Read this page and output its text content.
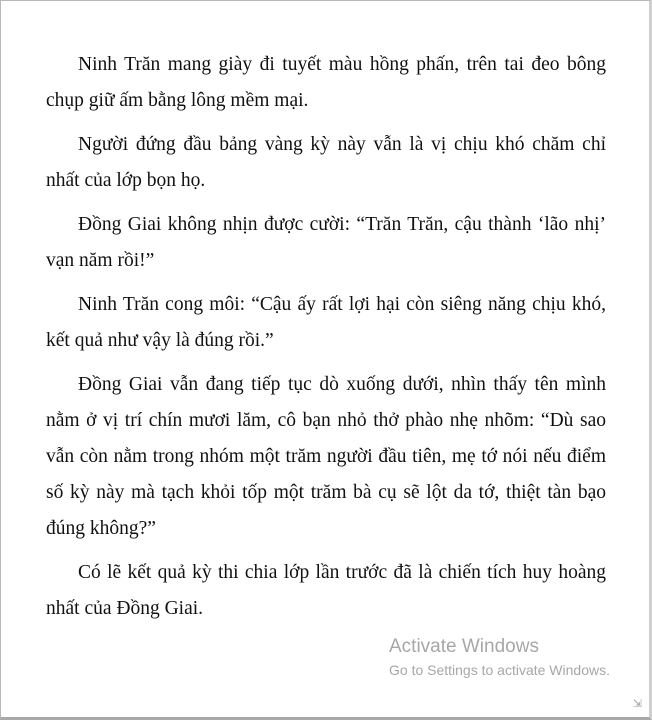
Ninh Trăn mang giày đi tuyết màu hồng phấn, trên tai đeo bông chụp giữ ấm bằng lông mềm mại.

Người đứng đầu bảng vàng kỳ này vẫn là vị chịu khó chăm chỉ nhất của lớp bọn họ.

Đồng Giai không nhịn được cười: “Trăn Trăn, cậu thành ‘lão nhị’ vạn năm rồi!”

Ninh Trăn cong môi: “Cậu ấy rất lợi hại còn siêng năng chịu khó, kết quả như vậy là đúng rồi.”

Đồng Giai vẫn đang tiếp tục dò xuống dưới, nhìn thấy tên mình nằm ở vị trí chín mươi lăm, cô bạn nhỏ thở phào nhẹ nhõm: “Dù sao vẫn còn nằm trong nhóm một trăm người đầu tiên, mẹ tớ nói nếu điểm số kỳ này mà tạch khỏi tốp một trăm bà cụ sẽ lột da tớ, thiệt tàn bạo đúng không?”

Có lẽ kết quả kỳ thi chia lớp lần trước đã là chiến tích huy hoàng nhất của Đồng Giai.

Activate Windows
Go to Settings to activate Windows.
⇲
